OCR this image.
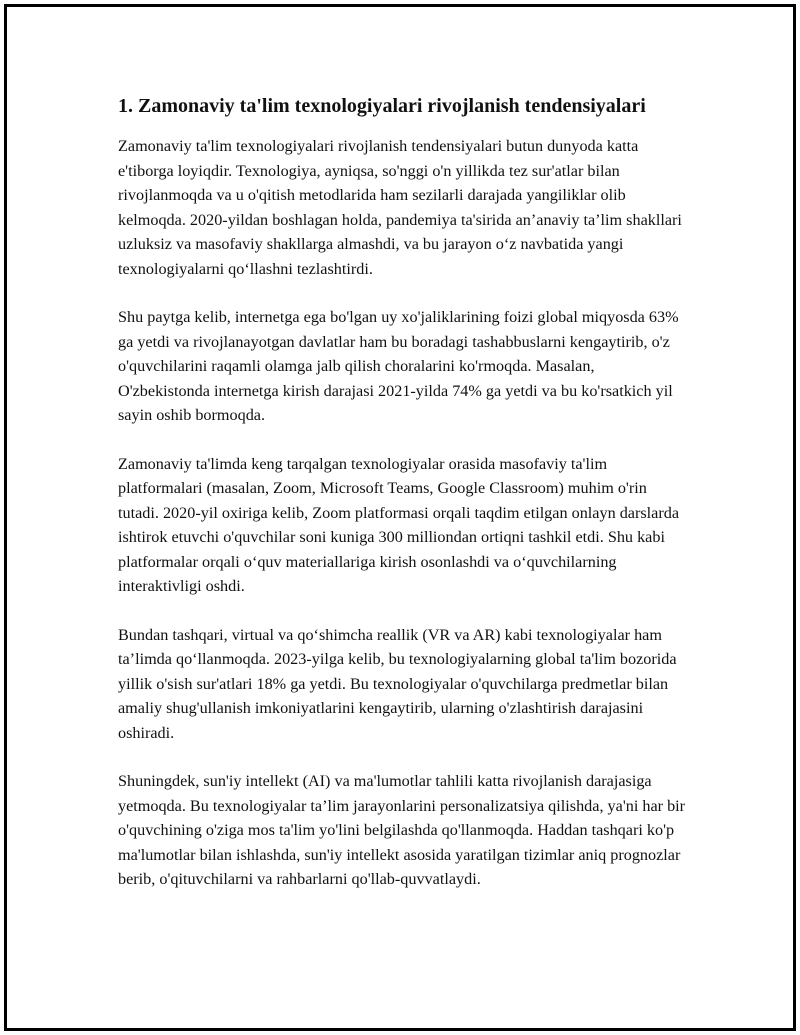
1. Zamonaviy ta'lim texnologiyalari rivojlanish tendensiyalari

Zamonaviy ta'lim texnologiyalari rivojlanish tendensiyalari butun dunyoda katta e'tiborga loyiqdir. Texnologiya, ayniqsa, so'nggi o'n yillikda tez sur'atlar bilan rivojlanmoqda va u o'qitish metodlarida ham sezilarli darajada yangiliklar olib kelmoqda. 2020-yildan boshlagan holda, pandemiya ta'sirida an’anaviy ta’lim shakllari uzluksiz va masofaviy shakllarga almashdi, va bu jarayon o‘z navbatida yangi texnologiyalarni qo‘llashni tezlashtirdi.

Shu paytga kelib, internetga ega bo'lgan uy xo'jaliklarining foizi global miqyosda 63% ga yetdi va rivojlanayotgan davlatlar ham bu boradagi tashabbuslarni kengaytirib, o'z o'quvchilarini raqamli olamga jalb qilish choralarini ko'rmoqda. Masalan, O'zbekistonda internetga kirish darajasi 2021-yilda 74% ga yetdi va bu ko'rsatkich yil sayin oshib bormoqda.

Zamonaviy ta'limda keng tarqalgan texnologiyalar orasida masofaviy ta'lim platformalari (masalan, Zoom, Microsoft Teams, Google Classroom) muhim o'rin tutadi. 2020-yil oxiriga kelib, Zoom platformasi orqali taqdim etilgan onlayn darslarda ishtirok etuvchi o'quvchilar soni kuniga 300 milliondan ortiqni tashkil etdi. Shu kabi platformalar orqali o‘quv materiallariga kirish osonlashdi va o‘quvchilarning interaktivligi oshdi.

Bundan tashqari, virtual va qo‘shimcha reallik (VR va AR) kabi texnologiyalar ham ta’limda qo‘llanmoqda. 2023-yilga kelib, bu texnologiyalarning global ta'lim bozorida yillik o'sish sur'atlari 18% ga yetdi. Bu texnologiyalar o'quvchilarga predmetlar bilan amaliy shug'ullanish imkoniyatlarini kengaytirib, ularning o'zlashtirish darajasini oshiradi.

Shuningdek, sun'iy intellekt (AI) va ma'lumotlar tahlili katta rivojlanish darajasiga yetmoqda. Bu texnologiyalar ta’lim jarayonlarini personalizatsiya qilishda, ya'ni har bir o'quvchining o'ziga mos ta'lim yo'lini belgilashda qo'llanmoqda. Haddan tashqari ko'p ma'lumotlar bilan ishlashda, sun'iy intellekt asosida yaratilgan tizimlar aniq prognozlar berib, o'qituvchilarni va rahbarlarni qo'llab-quvvatlaydi.
